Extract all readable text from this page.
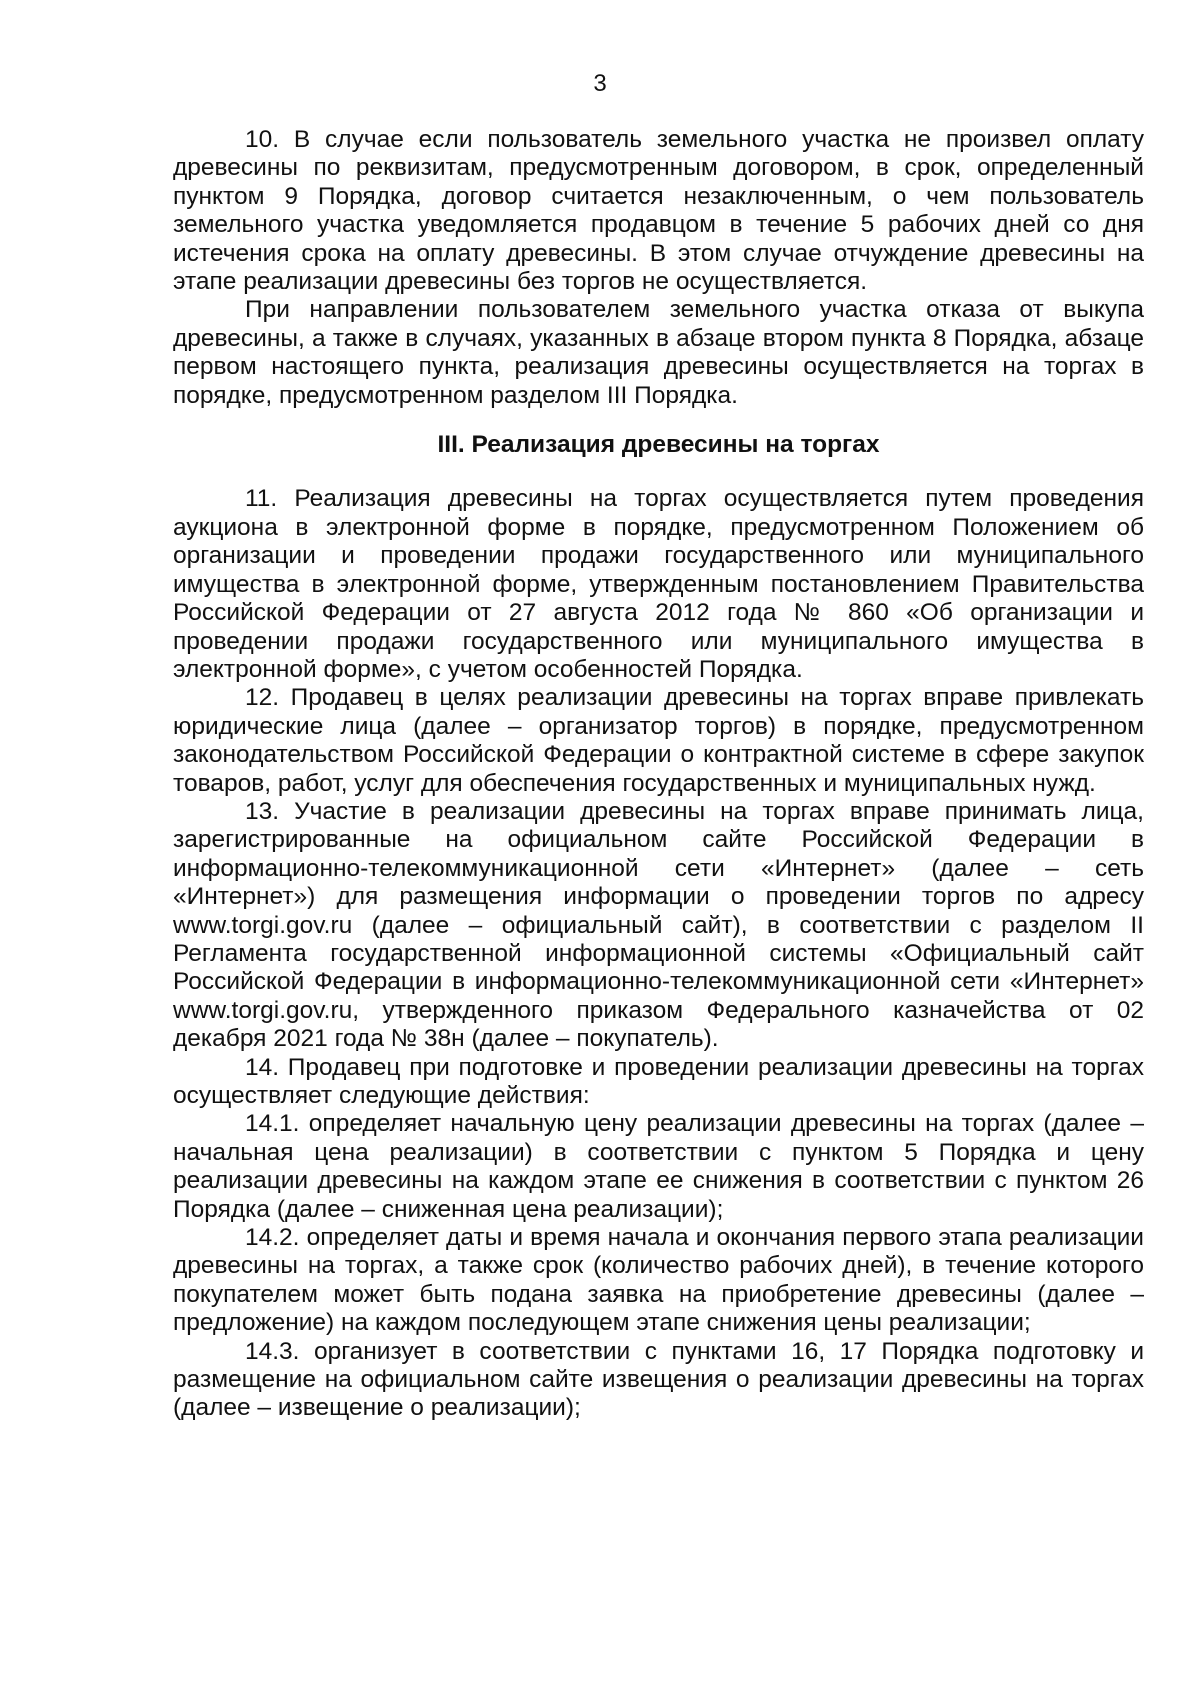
3

10. В случае если пользователь земельного участка не произвел оплату древесины по реквизитам, предусмотренным договором, в срок, определенный пунктом 9 Порядка, договор считается незаключенным, о чем пользователь земельного участка уведомляется продавцом в течение 5 рабочих дней со дня истечения срока на оплату древесины. В этом случае отчуждение древесины на этапе реализации древесины без торгов не осуществляется.

При направлении пользователем земельного участка отказа от выкупа древесины, а также в случаях, указанных в абзаце втором пункта 8 Порядка, абзаце первом настоящего пункта, реализация древесины осуществляется на торгах в порядке, предусмотренном разделом III Порядка.

III. Реализация древесины на торгах

11. Реализация древесины на торгах осуществляется путем проведения аукциона в электронной форме в порядке, предусмотренном Положением об организации и проведении продажи государственного или муниципального имущества в электронной форме, утвержденным постановлением Правительства Российской Федерации от 27 августа 2012 года № 860 «Об организации и проведении продажи государственного или муниципального имущества в электронной форме», с учетом особенностей Порядка.

12. Продавец в целях реализации древесины на торгах вправе привлекать юридические лица (далее – организатор торгов) в порядке, предусмотренном законодательством Российской Федерации о контрактной системе в сфере закупок товаров, работ, услуг для обеспечения государственных и муниципальных нужд.

13. Участие в реализации древесины на торгах вправе принимать лица, зарегистрированные на официальном сайте Российской Федерации в информационно-телекоммуникационной сети «Интернет» (далее – сеть «Интернет») для размещения информации о проведении торгов по адресу www.torgi.gov.ru (далее – официальный сайт), в соответствии с разделом II Регламента государственной информационной системы «Официальный сайт Российской Федерации в информационно-телекоммуникационной сети «Интернет» www.torgi.gov.ru, утвержденного приказом Федерального казначейства от 02 декабря 2021 года № 38н (далее – покупатель).

14. Продавец при подготовке и проведении реализации древесины на торгах осуществляет следующие действия:

14.1. определяет начальную цену реализации древесины на торгах (далее – начальная цена реализации) в соответствии с пунктом 5 Порядка и цену реализации древесины на каждом этапе ее снижения в соответствии с пунктом 26 Порядка (далее – сниженная цена реализации);

14.2. определяет даты и время начала и окончания первого этапа реализации древесины на торгах, а также срок (количество рабочих дней), в течение которого покупателем может быть подана заявка на приобретение древесины (далее – предложение) на каждом последующем этапе снижения цены реализации;

14.3. организует в соответствии с пунктами 16, 17 Порядка подготовку и размещение на официальном сайте извещения о реализации древесины на торгах (далее – извещение о реализации);
